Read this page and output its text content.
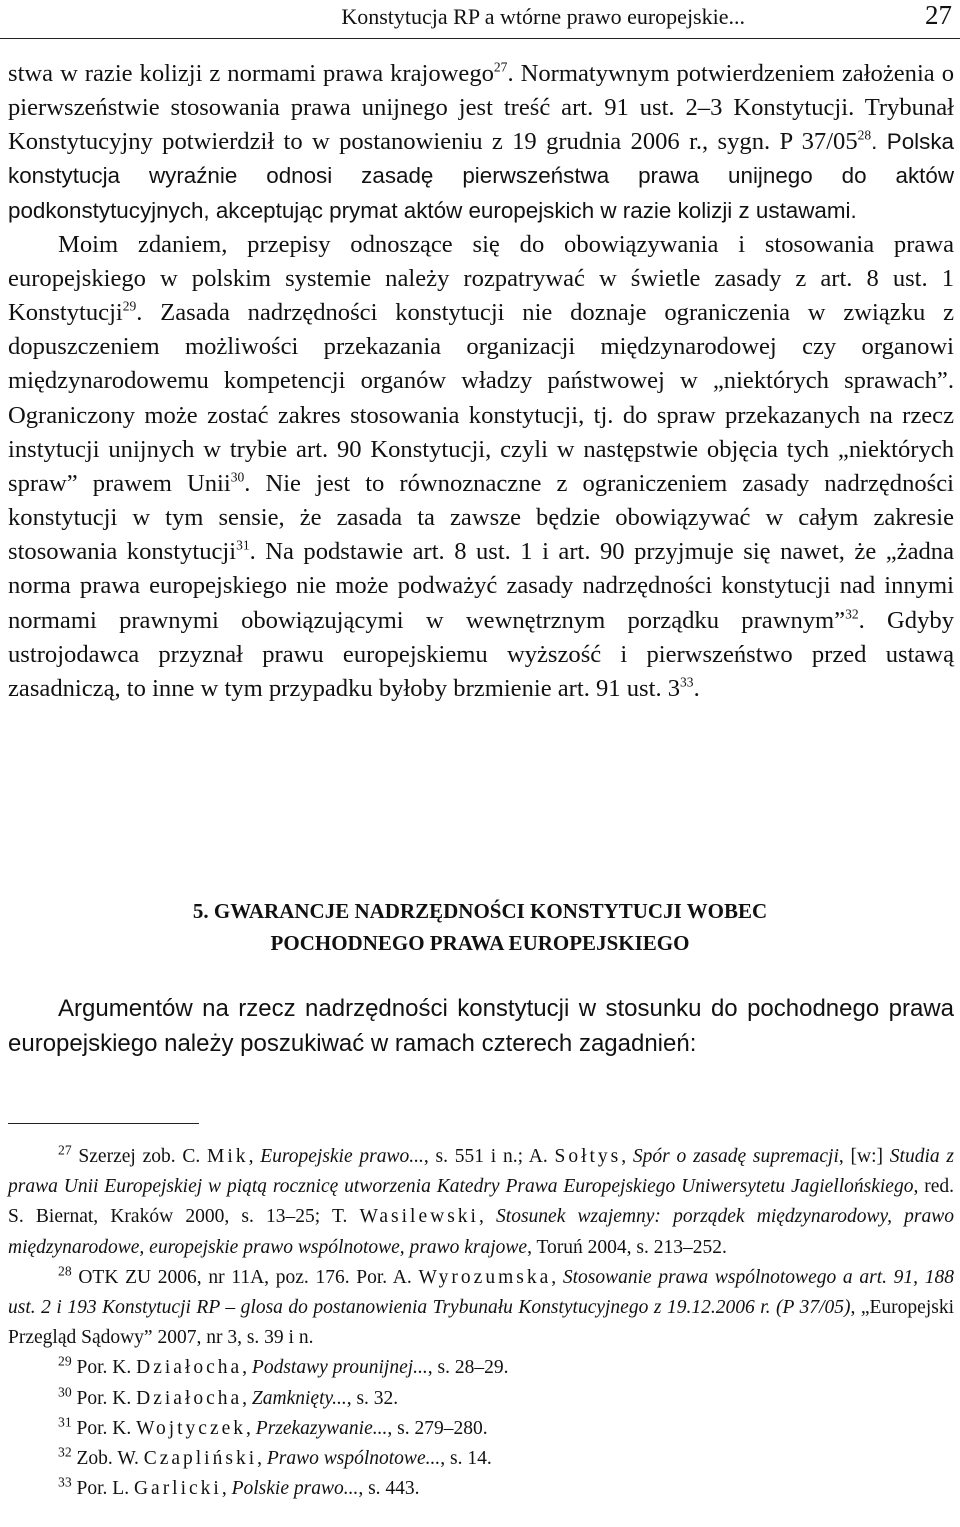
Konstytucja RP a wtórne prawo europejskie...	27

stwa w razie kolizji z normami prawa krajowego$^{27}$. Normatywnym potwierdzeniem założenia o pierwszeństwie stosowania prawa unijnego jest treść art. 91 ust. 2–3 Konstytucji. Trybunał Konstytucyjny potwierdził to w postanowieniu z 19 grudnia 2006 r., sygn. P $37/05^{28}$. Polska konstytucja wyraźnie odnosi zasadę pierwszeństwa prawa unijnego do aktów podkonstytucyjnych, akceptując prymat aktów europejskich w razie kolizji z ustawami.

Moim zdaniem, przepisy odnoszące się do obowiązywania i stosowania prawa europejskiego w polskim systemie należy rozpatrywać w świetle zasady z art. 8 ust. 1 Konstytucji$^{29}$. Zasada nadrzędności konstytucji nie doznaje ograniczenia w związku z dopuszczeniem możliwości przekazania organizacji międzynarodowej czy organowi międzynarodowemu kompetencji organów władzy państwowej w „niektórych sprawach”. Ograniczony może zostać zakres stosowania konstytucji, tj. do spraw przekazanych na rzecz instytucji unijnych w trybie art. 90 Konstytucji, czyli w następstwie objęcia tych „niektórych spraw” prawem Unii$^{30}$. Nie jest to równoznaczne z ograniczeniem zasady nadrzędności konstytucji w tym sensie, że zasada ta zawsze będzie obowiązywać w całym zakresie stosowania konstytucji$^{31}$. Na podstawie art. 8 ust. 1 i art. 90 przyjmuje się nawet, że „żadna norma prawa europejskiego nie może podważyć zasady nadrzędności konstytucji nad innymi normami prawnymi obowiązującymi w wewnętrznym porządku prawnym”$^{32}$. Gdyby ustrojodawca przyznał prawu europejskiemu wyższość i pierwszeństwo przed ustawą zasadniczą, to inne w tym przypadku byłoby brzmienie art. 91 ust. $3^{33}$.

5. GWARANCJE NADRZĘDNOŚCI KONSTYTUCJI WOBEC
POCHODNEGO PRAWA EUROPEJSKIEGO

Argumentów na rzecz nadrzędności konstytucji w stosunku do pochodnego prawa europejskiego należy poszukiwać w ramach czterech zagadnień:

$^{27}$ Szerzej zob. C. Mik, Europejskie prawo..., s. 551 i n.; A. Sołtys, Spór o zasadę supremacji, [w:] Studia z prawa Unii Europejskiej w piątą rocznicę utworzenia Katedry Prawa Europejskiego Uniwersytetu Jagiellońskiego, red. S. Biernat, Kraków 2000, s. 13–25; T. Wasilewski, Stosunek wzajemny: porządek międzynarodowy, prawo międzynarodowe, europejskie prawo wspólnotowe, prawo krajowe, Toruń 2004, s. 213–252.

$^{28}$ OTK ZU 2006, nr 11A, poz. 176. Por. A. Wyrozumska, Stosowanie prawa wspólnotowego a art. 91, 188 ust. 2 i 193 Konstytucji RP – glosa do postanowienia Trybunału Konstytucyjnego z 19.12.2006 r. (P 37/05), „Europejski Przegląd Sądowy” 2007, nr 3, s. 39 i n.

$^{29}$ Por. K. Działocha, Podstawy prounijnej..., s. 28–29.

$^{30}$ Por. K. Działocha, Zamknięty..., s. 32.

$^{31}$ Por. K. Wojtyczek, Przekazywanie..., s. 279–280.

$^{32}$ Zob. W. Czapliński, Prawo wspólnotowe..., s. 14.

$^{33}$ Por. L. Garlicki, Polskie prawo..., s. 443.
